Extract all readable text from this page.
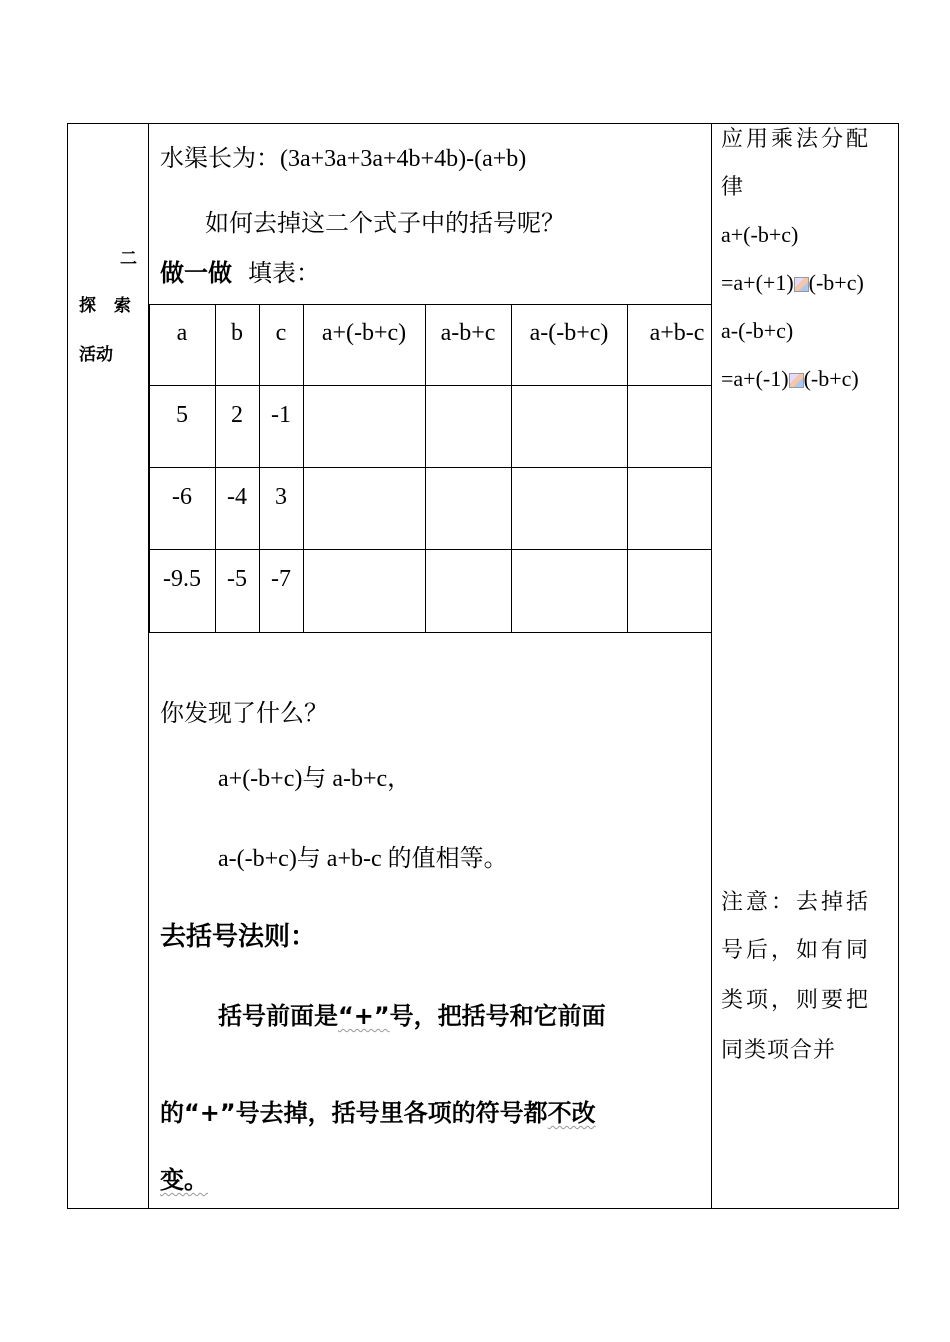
二
探 索
活动
水渠长为：(3a+3a+3a+4b+4b)-(a+b)
如何去掉这二个式子中的括号呢？
做一做 填表：
a	b	c	a+(-b+c)	a-b+c	a-(-b+c)	a+b-c
5	2	-1
-6	-4	3
-9.5	-5	-7
你发现了什么？
a+(-b+c)与 a-b+c，
a-(-b+c)与 a+b-c 的值相等。
去括号法则：
括号前面是“+”号，把括号和它前面
的“+”号去掉，括号里各项的符号都不改
变。
应用乘法分配
律
a+(-b+c)
=a+(+1) (-b+c)
a-(-b+c)
=a+(-1) (-b+c)
注意：去掉括
号后，如有同
类项，则要把
同类项合并
